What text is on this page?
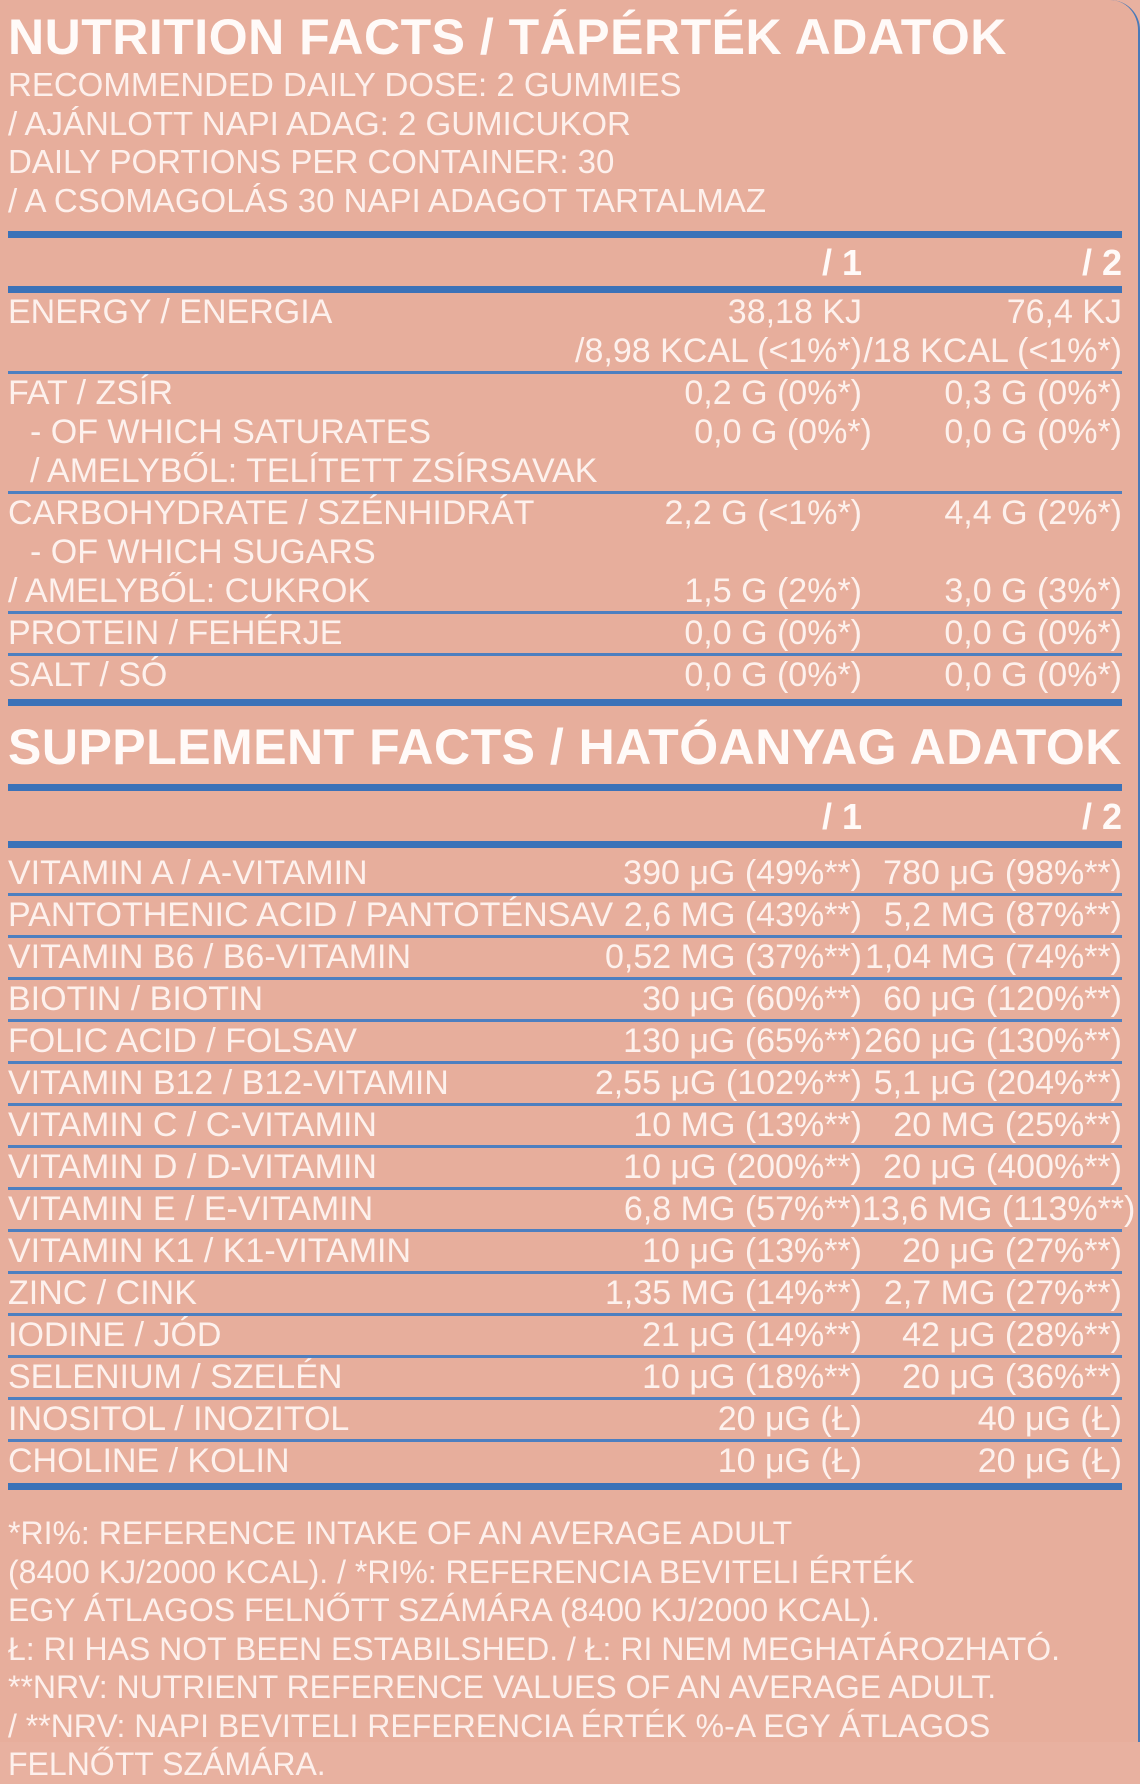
NUTRITION FACTS / TÁPÉRTÉK ADATOK
RECOMMENDED DAILY DOSE: 2 GUMMIES
/ AJÁNLOTT NAPI ADAG: 2 GUMICUKOR
DAILY PORTIONS PER CONTAINER: 30
/ A CSOMAGOLÁS 30 NAPI ADAGOT TARTALMAZ
/ 1	/ 2
ENERGY / ENERGIA	38,18 KJ	76,4 KJ
/8,98 KCAL (<1%*) /18 KCAL (<1%*)
FAT / ZSÍR	0,2 G (0%*)	0,3 G (0%*)
- OF WHICH SATURATES	0,0 G (0%*)	0,0 G (0%*)
/ AMELYBŐL: TELÍTETT ZSÍRSAVAK
CARBOHYDRATE / SZÉNHIDRÁT	2,2 G (<1%*)	4,4 G (2%*)
- OF WHICH SUGARS
/ AMELYBŐL: CUKROK	1,5 G (2%*)	3,0 G (3%*)
PROTEIN / FEHÉRJE	0,0 G (0%*)	0,0 G (0%*)
SALT / SÓ	0,0 G (0%*)	0,0 G (0%*)
SUPPLEMENT FACTS / HATÓANYAG ADATOK
/ 1	/ 2
VITAMIN A / A-VITAMIN	390 μG (49%**) 780 μG (98%**)
PANTOTHENIC ACID / PANTOTÉNSAV 2,6 MG (43%**) 5,2 MG (87%**)
VITAMIN B6 / B6-VITAMIN	0,52 MG (37%**) 1,04 MG (74%**)
BIOTIN / BIOTIN	30 μG (60%**) 60 μG (120%**)
FOLIC ACID / FOLSAV	130 μG (65%**) 260 μG (130%**)
VITAMIN B12 / B12-VITAMIN	2,55 μG (102%**) 5,1 μG (204%**)
VITAMIN C / C-VITAMIN	10 MG (13%**) 20 MG (25%**)
VITAMIN D / D-VITAMIN	10 μG (200%**) 20 μG (400%**)
VITAMIN E / E-VITAMIN	6,8 MG (57%**) 13,6 MG (113%**)
VITAMIN K1 / K1-VITAMIN	10 μG (13%**)	20 μG (27%**)
ZINC / CINK	1,35 MG (14%**) 2,7 MG (27%**)
IODINE / JÓD	21 μG (14%**)	42 μG (28%**)
SELENIUM / SZELÉN	10 μG (18%**)	20 μG (36%**)
INOSITOL / INOZITOL	20 μG (Ł)	40 μG (Ł)
CHOLINE / KOLIN	10 μG (Ł)	20 μG (Ł)
*RI%: REFERENCE INTAKE OF AN AVERAGE ADULT
(8400 KJ/2000 KCAL). / *RI%: REFERENCIA BEVITELI ÉRTÉK
EGY ÁTLAGOS FELNŐTT SZÁMÁRA (8400 KJ/2000 KCAL).
Ł: RI HAS NOT BEEN ESTABILSHED. / Ł: RI NEM MEGHATÁROZHATÓ.
**NRV: NUTRIENT REFERENCE VALUES OF AN AVERAGE ADULT.
/ **NRV: NAPI BEVITELI REFERENCIA ÉRTÉK %-A EGY ÁTLAGOS
FELNŐTT SZÁMÁRA.
